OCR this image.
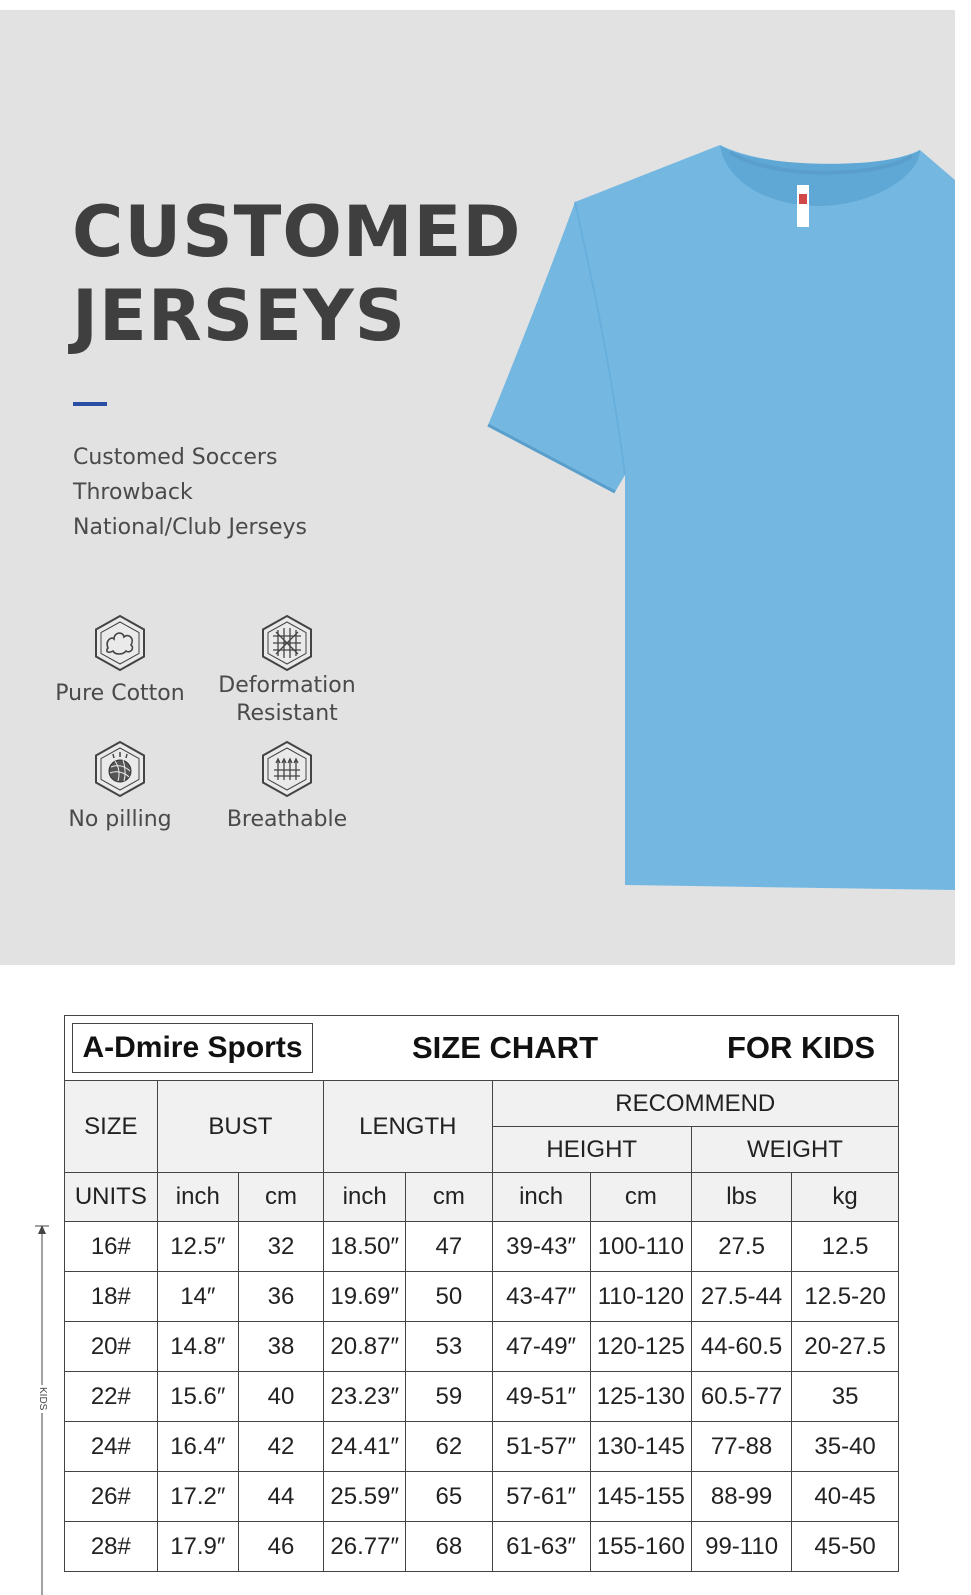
CUSTOMED
JERSEYS
Customed Soccers
Throwback
National/Club Jerseys
Pure Cotton Deformation
Resistant
No pilling	Breathable
KIDS
A-Dmire Sports	SIZE CHART	FOR KIDS
SIZE	BUST		LENGTH		RECOMMEND			
					HEIGHT		WEIGHT	
UNITS	inch	cm	inch	cm	inch	cm	lbs	kg
16#	12.5″	32	18.50″	47	39-43″	100-110	27.5	12.5
18#	14″	36	19.69″	50	43-47″	110-120	27.5-44	12.5-20
20#	14.8″	38	20.87″	53	47-49″	120-125	44-60.5	20-27.5
22#	15.6″	40	23.23″	59	49-51″	125-130	60.5-77	35
24#	16.4″	42	24.41″	62	51-57″	130-145	77-88	35-40
26#	17.2″	44	25.59″	65	57-61″	145-155	88-99	40-45
28#	17.9″	46	26.77″	68	61-63″	155-160	99-110	45-50
